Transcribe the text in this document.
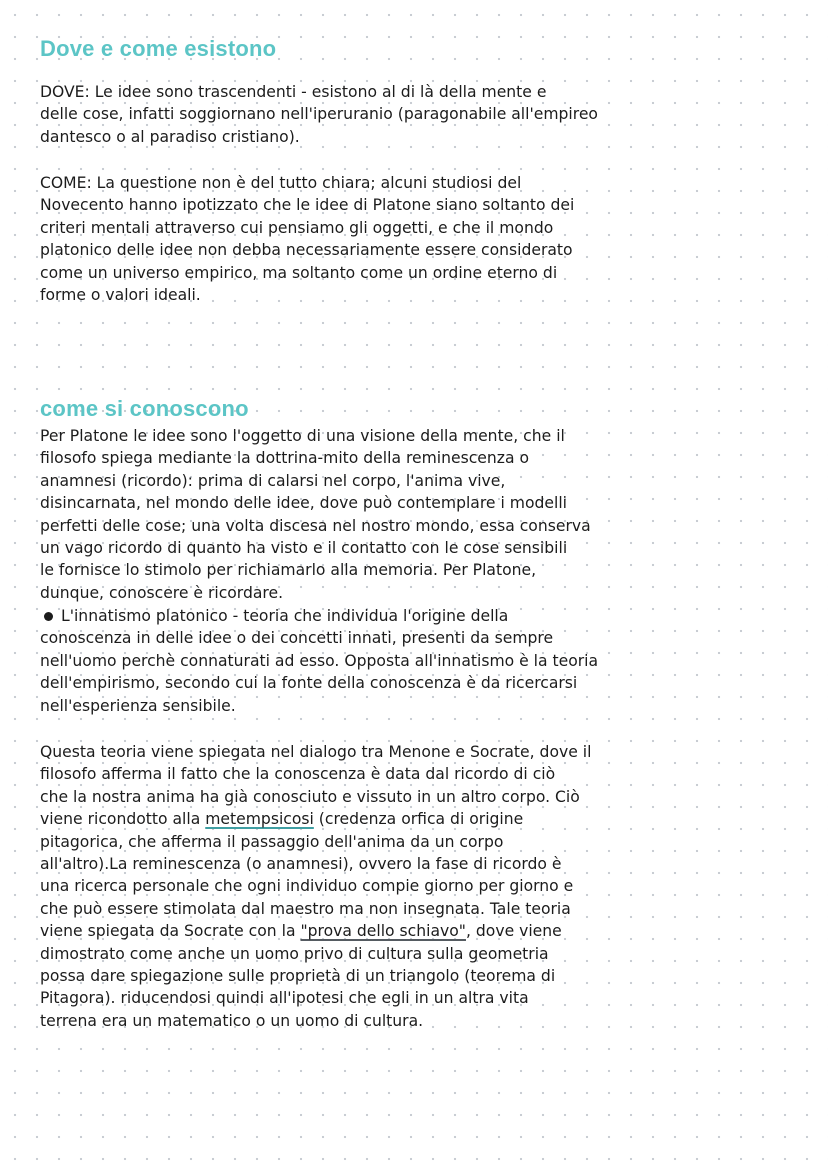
Dove e come esistono

DOVE: Le idee sono trascendenti - esistono al di là della mente e
delle cose, infatti soggiornano nell'iperuranio (paragonabile all'empireo
dantesco o al paradiso cristiano).

COME: La questione non è del tutto chiara; alcuni studiosi del
Novecento hanno ipotizzato che le idee di Platone siano soltanto dei
criteri mentali attraverso cui pensiamo gli oggetti, e che il mondo
platonico delle idee non debba necessariamente essere considerato
come un universo empirico, ma soltanto come un ordine eterno di
forme o valori ideali.

come si conoscono

Per Platone le idee sono l'oggetto di una visione della mente, che il
filosofo spiega mediante la dottrina-mito della reminescenza o
anamnesi (ricordo): prima di calarsi nel corpo, l'anima vive,
disincarnata, nel mondo delle idee, dove può contemplare i modelli
perfetti delle cose; una volta discesa nel nostro mondo, essa conserva
un vago ricordo di quanto ha visto e il contatto con le cose sensibili
le fornisce lo stimolo per richiamarlo alla memoria. Per Platone,
dunque, conoscere è ricordare.

L'innatismo platonico - teoria che individua l'origine della
conoscenza in delle idee o dei concetti innati, presenti da sempre
nell'uomo perchè connaturati ad esso. Opposta all'innatismo è la teoria
dell'empirismo, secondo cui la fonte della conoscenza è da ricercarsi
nell'esperienza sensibile.

Questa teoria viene spiegata nel dialogo tra Menone e Socrate, dove il
filosofo afferma il fatto che la conoscenza è data dal ricordo di ciò
che la nostra anima ha già conosciuto e vissuto in un altro corpo. Ciò
viene ricondotto alla metempsicosi (credenza orfica di origine
pitagorica, che afferma il passaggio dell'anima da un corpo
all'altro).La reminescenza (o anamnesi), ovvero la fase di ricordo è
una ricerca personale che ogni individuo compie giorno per giorno e
che può essere stimolata dal maestro ma non insegnata. Tale teoria
viene spiegata da Socrate con la "prova dello schiavo", dove viene
dimostrato come anche un uomo privo di cultura sulla geometria
possa dare spiegazione sulle proprietà di un triangolo (teorema di
Pitagora). riducendosi quindi all'ipotesi che egli in un altra vita
terrena era un matematico o un uomo di cultura.
